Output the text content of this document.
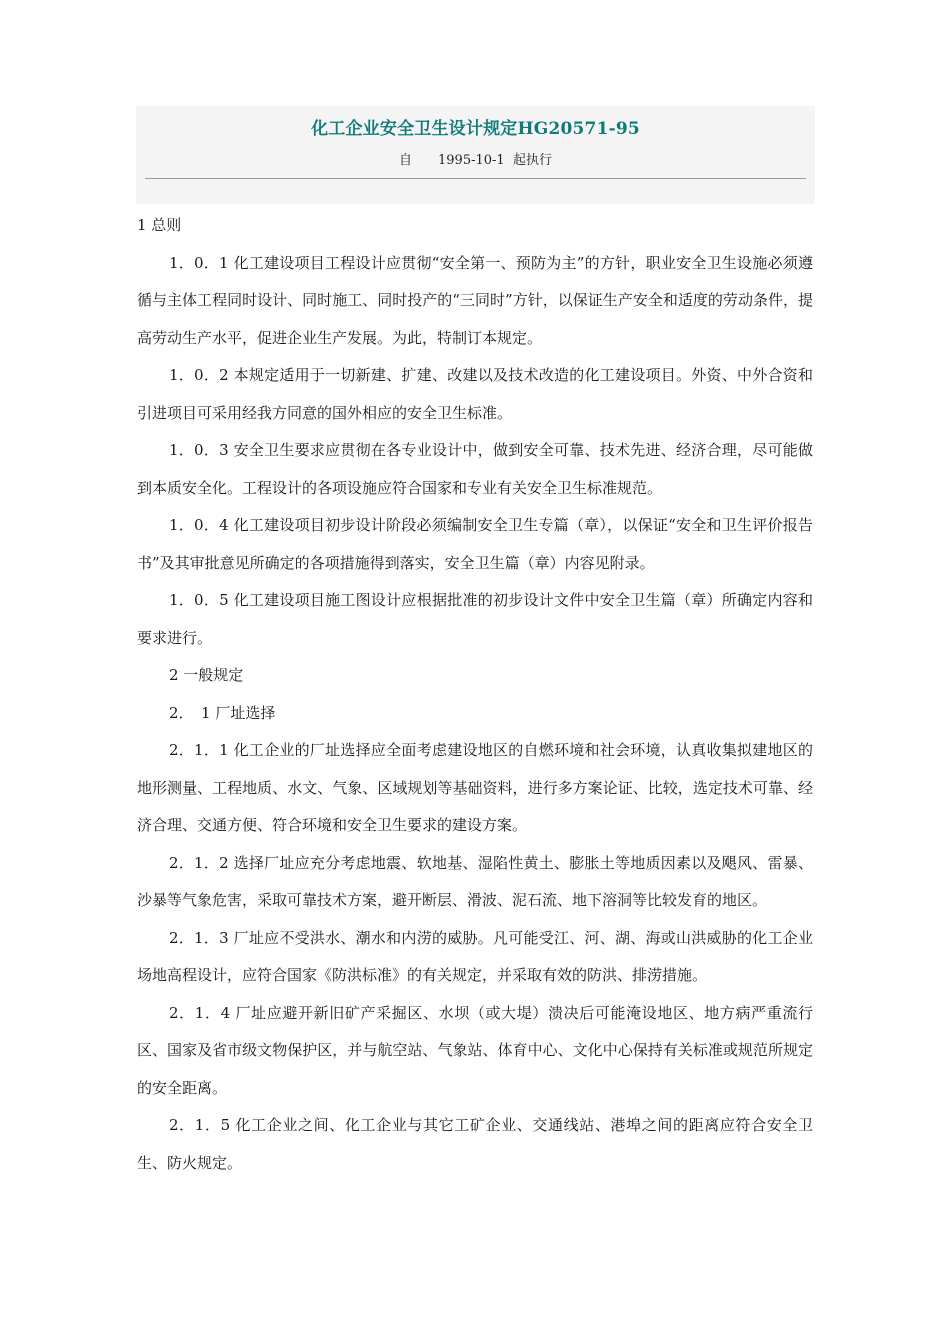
化工企业安全卫生设计规定HG20571-95
自　　1995-10-1  起执行

1 总则

1．0．1 化工建设项目工程设计应贯彻“安全第一、预防为主”的方针，职业安全卫生设施必须遵循与主体工程同时设计、同时施工、同时投产的“三同时”方针，以保证生产安全和适度的劳动条件，提高劳动生产水平，促进企业生产发展。为此，特制订本规定。

1．0．2 本规定适用于一切新建、扩建、改建以及技术改造的化工建设项目。外资、中外合资和引进项目可采用经我方同意的国外相应的安全卫生标准。

1．0．3 安全卫生要求应贯彻在各专业设计中，做到安全可靠、技术先进、经济合理，尽可能做到本质安全化。工程设计的各项设施应符合国家和专业有关安全卫生标准规范。

1．0．4 化工建设项目初步设计阶段必须编制安全卫生专篇（章），以保证“安全和卫生评价报告书”及其审批意见所确定的各项措施得到落实，安全卫生篇（章）内容见附录。

1．0．5 化工建设项目施工图设计应根据批准的初步设计文件中安全卫生篇（章）所确定内容和要求进行。

2 一般规定

2．　1 厂址选择

2．1．1 化工企业的厂址选择应全面考虑建设地区的自燃环境和社会环境，认真收集拟建地区的地形测量、工程地质、水文、气象、区域规划等基础资料，进行多方案论证、比较，选定技术可靠、经济合理、交通方便、符合环境和安全卫生要求的建设方案。

2．1．2 选择厂址应充分考虑地震、软地基、湿陷性黄土、膨胀土等地质因素以及飓风、雷暴、沙暴等气象危害，采取可靠技术方案，避开断层、滑波、泥石流、地下溶洞等比较发育的地区。

2．1．3 厂址应不受洪水、潮水和内涝的威胁。凡可能受江、河、湖、海或山洪威胁的化工企业场地高程设计，应符合国家《防洪标准》的有关规定，并采取有效的防洪、排涝措施。

2．1．4 厂址应避开新旧矿产采掘区、水坝（或大堤）溃决后可能淹设地区、地方病严重流行区、国家及省市级文物保护区，并与航空站、气象站、体育中心、文化中心保持有关标准或规范所规定的安全距离。

2．1．5 化工企业之间、化工企业与其它工矿企业、交通线站、港埠之间的距离应符合安全卫生、防火规定。
